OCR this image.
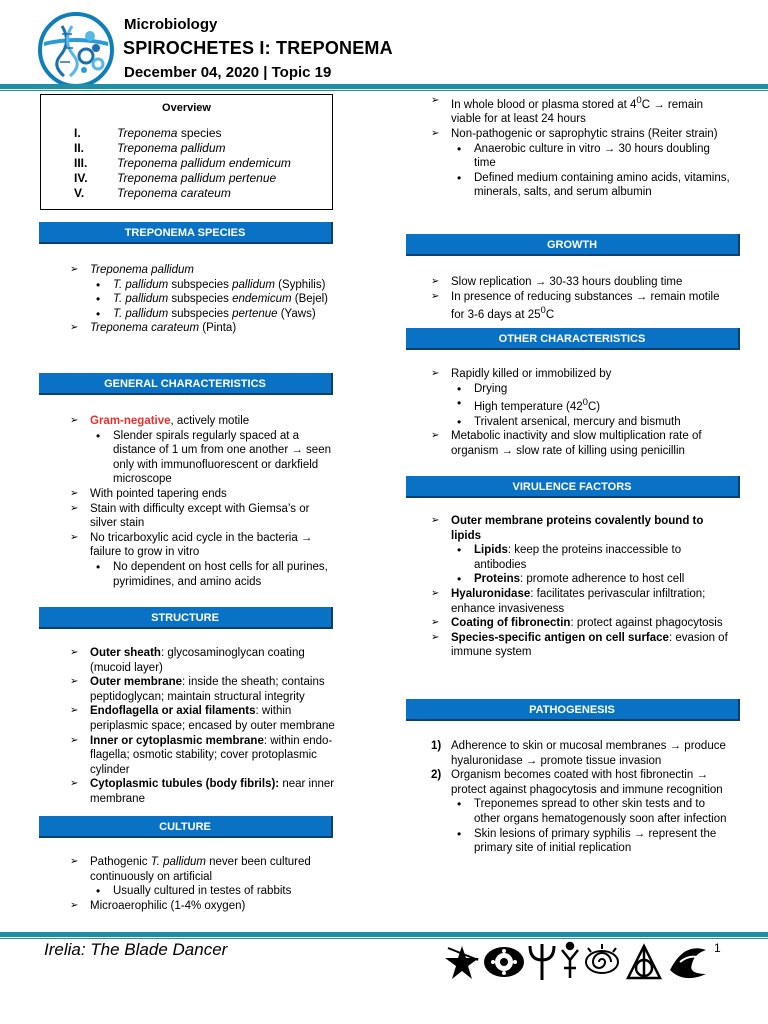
Microbiology
SPIROCHETES I: TREPONEMA
December 04, 2020 | Topic 19
Overview
I.	Treponema species
II.	Treponema pallidum
III. Treponema pallidum endemicum
IV. Treponema pallidum pertenue
V.	Treponema carateum
TREPONEMA SPECIES
➢ Treponema pallidum
• T. pallidum subspecies pallidum (Syphilis)
• T. pallidum subspecies endemicum (Bejel)
• T. pallidum subspecies pertenue (Yaws)
➢ Treponema carateum (Pinta)
GENERAL CHARACTERISTICS
➢ Gram-negative, actively motile
• Slender spirals regularly spaced at a distance of 1 um from one another → seen only with immunofluorescent or darkfield microscope
➢ With pointed tapering ends
➢ Stain with difficulty except with Giemsa’s or silver stain
➢ No tricarboxylic acid cycle in the bacteria → failure to grow in vitro
• No dependent on host cells for all purines, pyrimidines, and amino acids
STRUCTURE
➢ Outer sheath: glycosaminoglycan coating (mucoid layer)
➢ Outer membrane: inside the sheath; contains peptidoglycan; maintain structural integrity
➢ Endoflagella or axial filaments: within periplasmic space; encased by outer membrane
➢ Inner or cytoplasmic membrane: within endo-flagella; osmotic stability; cover protoplasmic cylinder
➢ Cytoplasmic tubules (body fibrils): near inner membrane
CULTURE
➢ Pathogenic T. pallidum never been cultured continuously on artificial
• Usually cultured in testes of rabbits
➢ Microaerophilic (1-4% oxygen)
➢ In whole blood or plasma stored at $4^0C$ → remain viable for at least 24 hours
➢ Non-pathogenic or saprophytic strains (Reiter strain)
• Anaerobic culture in vitro → 30 hours doubling time
• Defined medium containing amino acids, vitamins, minerals, salts, and serum albumin
GROWTH
➢ Slow replication → 30-33 hours doubling time
➢ In presence of reducing substances → remain motile for 3-6 days at $25^0C$
OTHER CHARACTERISTICS
➢ Rapidly killed or immobilized by
• Drying
• High temperature $(42^0C)$
• Trivalent arsenical, mercury and bismuth
➢ Metabolic inactivity and slow multiplication rate of organism → slow rate of killing using penicillin
VIRULENCE FACTORS
➢ Outer membrane proteins covalently bound to lipids
• Lipids: keep the proteins inaccessible to antibodies
• Proteins: promote adherence to host cell
➢ Hyaluronidase: facilitates perivascular infiltration; enhance invasiveness
➢ Coating of fibronectin: protect against phagocytosis
➢ Species-specific antigen on cell surface: evasion of immune system
PATHOGENESIS
1) Adherence to skin or mucosal membranes → produce hyaluronidase → promote tissue invasion
2) Organism becomes coated with host fibronectin → protect against phagocytosis and immune recognition
• Treponemes spread to other skin tests and to other organs hematogenously soon after infection
• Skin lesions of primary syphilis → represent the primary site of initial replication
Irelia: The Blade Dancer	1
